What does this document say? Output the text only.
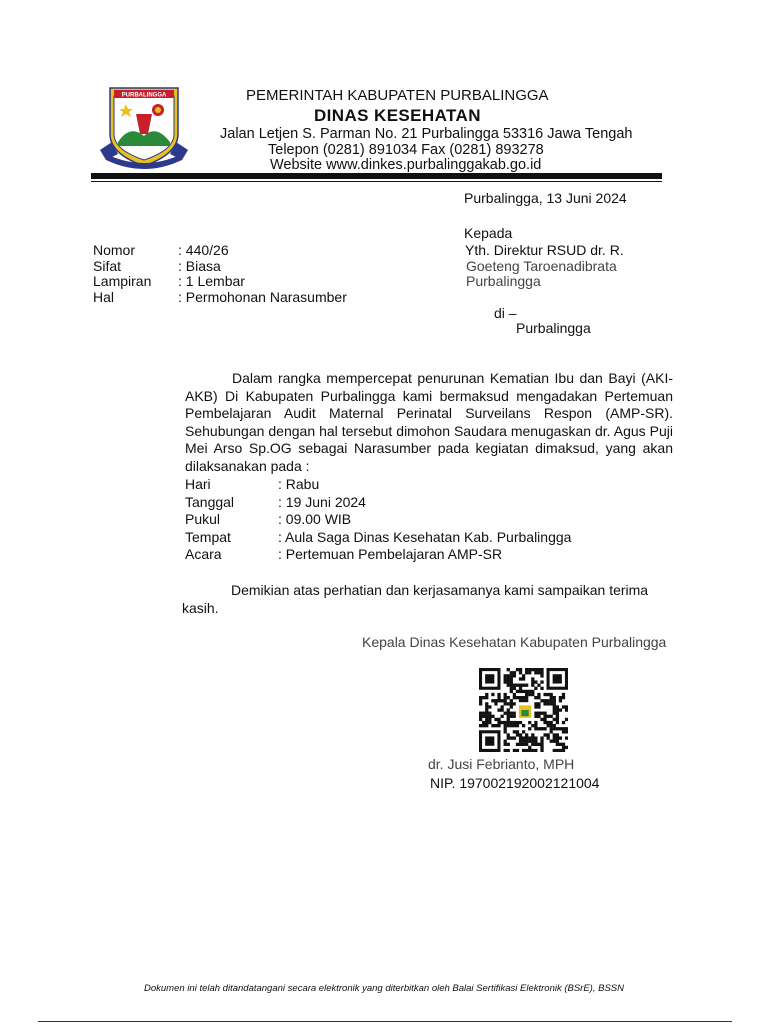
PURBALINGGA	PEMERINTAH KABUPATEN PURBALINGGA
DINAS KESEHATAN
Jalan Letjen S. Parman No. 21 Purbalingga 53316 Jawa Tengah
Telepon (0281) 891034 Fax (0281) 893278
Website www.dinkes.purbalinggakab.go.id
Purbalingga, 13 Juni 2024
Kepada
Yth. Direktur RSUD dr. R.
Goeteng Taroenadibrata
Purbalingga
di –
Purbalingga
Nomor	: 440/26
Sifat	: Biasa
Lampiran : 1 Lembar
Hal	: Permohonan Narasumber

Dalam rangka mempercepat penurunan Kematian Ibu dan Bayi (AKI-AKB) Di Kabupaten Purbalingga kami bermaksud mengadakan Pertemuan Pembelajaran Audit Maternal Perinatal Surveilans Respon (AMP-SR). Sehubungan dengan hal tersebut dimohon Saudara menugaskan dr. Agus Puji Mei Arso Sp.OG sebagai Narasumber pada kegiatan dimaksud, yang akan dilaksanakan pada :

Hari	: Rabu
Tanggal	: 19 Juni 2024
Pukul	: 09.00 WIB
Tempat	: Aula Saga Dinas Kesehatan Kab. Purbalingga
Acara	: Pertemuan Pembelajaran AMP-SR

Demikian atas perhatian dan kerjasamanya kami sampaikan terima kasih.

Kepala Dinas Kesehatan Kabupaten Purbalingga
dr. Jusi Febrianto, MPH
NIP. 197002192002121004
Dokumen ini telah ditandatangani secara elektronik yang diterbitkan oleh Balai Sertifikasi Elektronik (BSrE), BSSN
